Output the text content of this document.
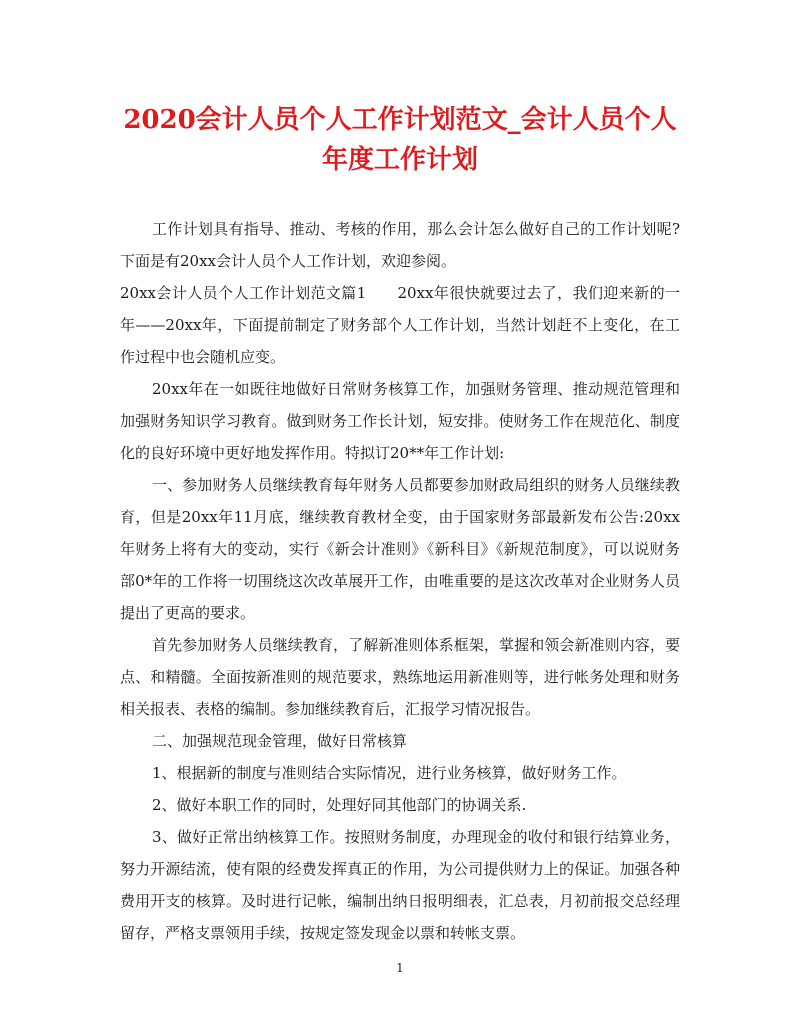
2020会计人员个人工作计划范文_会计人员个人年度工作计划

工作计划具有指导、推动、考核的作用，那么会计怎么做好自己的工作计划呢?下面是有20xx会计人员个人工作计划，欢迎参阅。

20xx会计人员个人工作计划范文篇1　　20xx年很快就要过去了，我们迎来新的一年——20xx年，下面提前制定了财务部个人工作计划，当然计划赶不上变化，在工作过程中也会随机应变。

20xx年在一如既往地做好日常财务核算工作，加强财务管理、推动规范管理和加强财务知识学习教育。做到财务工作长计划，短安排。使财务工作在规范化、制度化的良好环境中更好地发挥作用。特拟订20**年工作计划:

一、参加财务人员继续教育每年财务人员都要参加财政局组织的财务人员继续教育，但是20xx年11月底，继续教育教材全变，由于国家财务部最新发布公告:20xx年财务上将有大的变动，实行《新会计准则》《新科目》《新规范制度》，可以说财务部0*年的工作将一切围绕这次改革展开工作，由唯重要的是这次改革对企业财务人员提出了更高的要求。

首先参加财务人员继续教育，了解新准则体系框架，掌握和领会新准则内容，要点、和精髓。全面按新准则的规范要求，熟练地运用新准则等，进行帐务处理和财务相关报表、表格的编制。参加继续教育后，汇报学习情况报告。

二、加强规范现金管理，做好日常核算

1、根据新的制度与准则结合实际情况，进行业务核算，做好财务工作。

2、做好本职工作的同时，处理好同其他部门的协调关系.

3、做好正常出纳核算工作。按照财务制度，办理现金的收付和银行结算业务，努力开源结流，使有限的经费发挥真正的作用，为公司提供财力上的保证。加强各种费用开支的核算。及时进行记帐，编制出纳日报明细表，汇总表，月初前报交总经理留存，严格支票领用手续，按规定签发现金以票和转帐支票。

1
